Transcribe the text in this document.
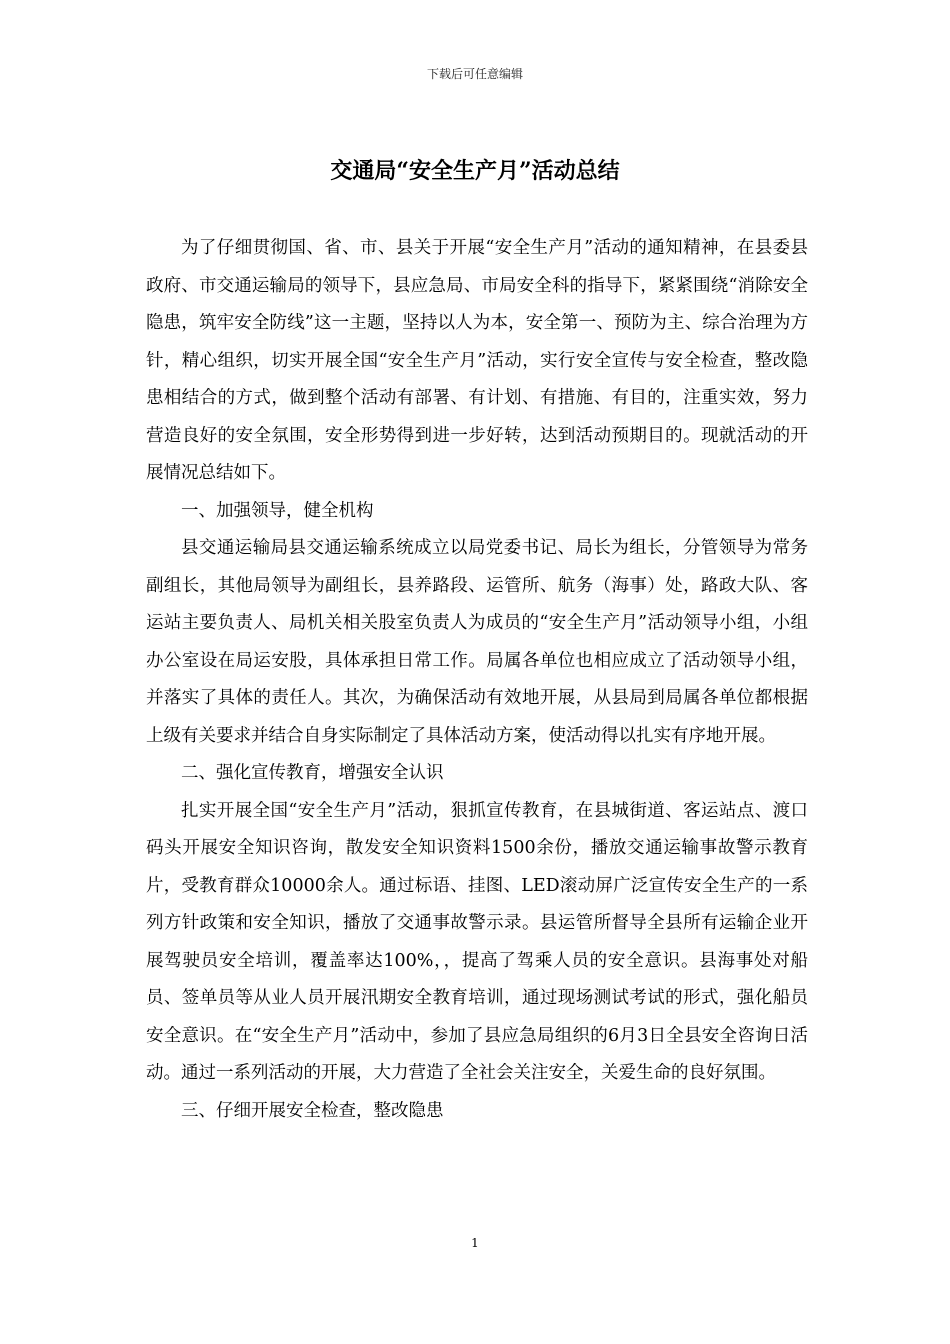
下载后可任意编辑
交通局“安全生产月”活动总结

为了仔细贯彻国、省、市、县关于开展“安全生产月”活动的通知精神，在县委县政府、市交通运输局的领导下，县应急局、市局安全科的指导下，紧紧围绕“消除安全隐患，筑牢安全防线”这一主题，坚持以人为本，安全第一、预防为主、综合治理为方针，精心组织，切实开展全国“安全生产月”活动，实行安全宣传与安全检查，整改隐患相结合的方式，做到整个活动有部署、有计划、有措施、有目的，注重实效，努力营造良好的安全氛围，安全形势得到进一步好转，达到活动预期目的。现就活动的开展情况总结如下。

一、加强领导，健全机构

县交通运输局县交通运输系统成立以局党委书记、局长为组长，分管领导为常务副组长，其他局领导为副组长，县养路段、运管所、航务（海事）处，路政大队、客运站主要负责人、局机关相关股室负责人为成员的“安全生产月”活动领导小组，小组办公室设在局运安股，具体承担日常工作。局属各单位也相应成立了活动领导小组，并落实了具体的责任人。其次，为确保活动有效地开展，从县局到局属各单位都根据上级有关要求并结合自身实际制定了具体活动方案，使活动得以扎实有序地开展。

二、强化宣传教育，增强安全认识

扎实开展全国“安全生产月”活动，狠抓宣传教育，在县城街道、客运站点、渡口码头开展安全知识咨询，散发安全知识资料1500余份，播放交通运输事故警示教育片，受教育群众10000余人。通过标语、挂图、LED滚动屏广泛宣传安全生产的一系列方针政策和安全知识，播放了交通事故警示录。县运管所督导全县所有运输企业开展驾驶员安全培训，覆盖率达100%，，提高了驾乘人员的安全意识。县海事处对船员、签单员等从业人员开展汛期安全教育培训，通过现场测试考试的形式，强化船员安全意识。在“安全生产月”活动中，参加了县应急局组织的6月3日全县安全咨询日活动。通过一系列活动的开展，大力营造了全社会关注安全，关爱生命的良好氛围。

三、仔细开展安全检查，整改隐患

1
